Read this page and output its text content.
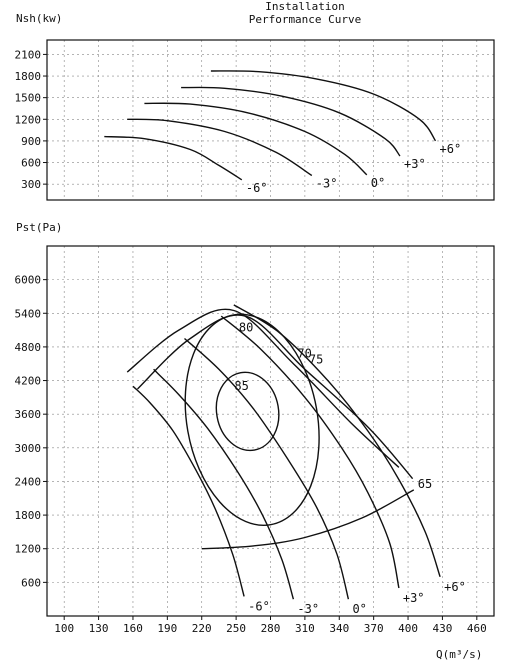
Installation
Performance Curve
Nsh(kw)
Pst(Pa)
Q(m³/s)
300
600
900
1200
1500
1800
2100
+6°
+3°
0°
-3°
-6°
600
1200
1800
2400
3000
3600
4200
4800
5400
6000
100 130 160 190 220 250 280 310 340 370 400 430 460
80
85
70
75
65
-6° -3°	0°
+3°
+6°
